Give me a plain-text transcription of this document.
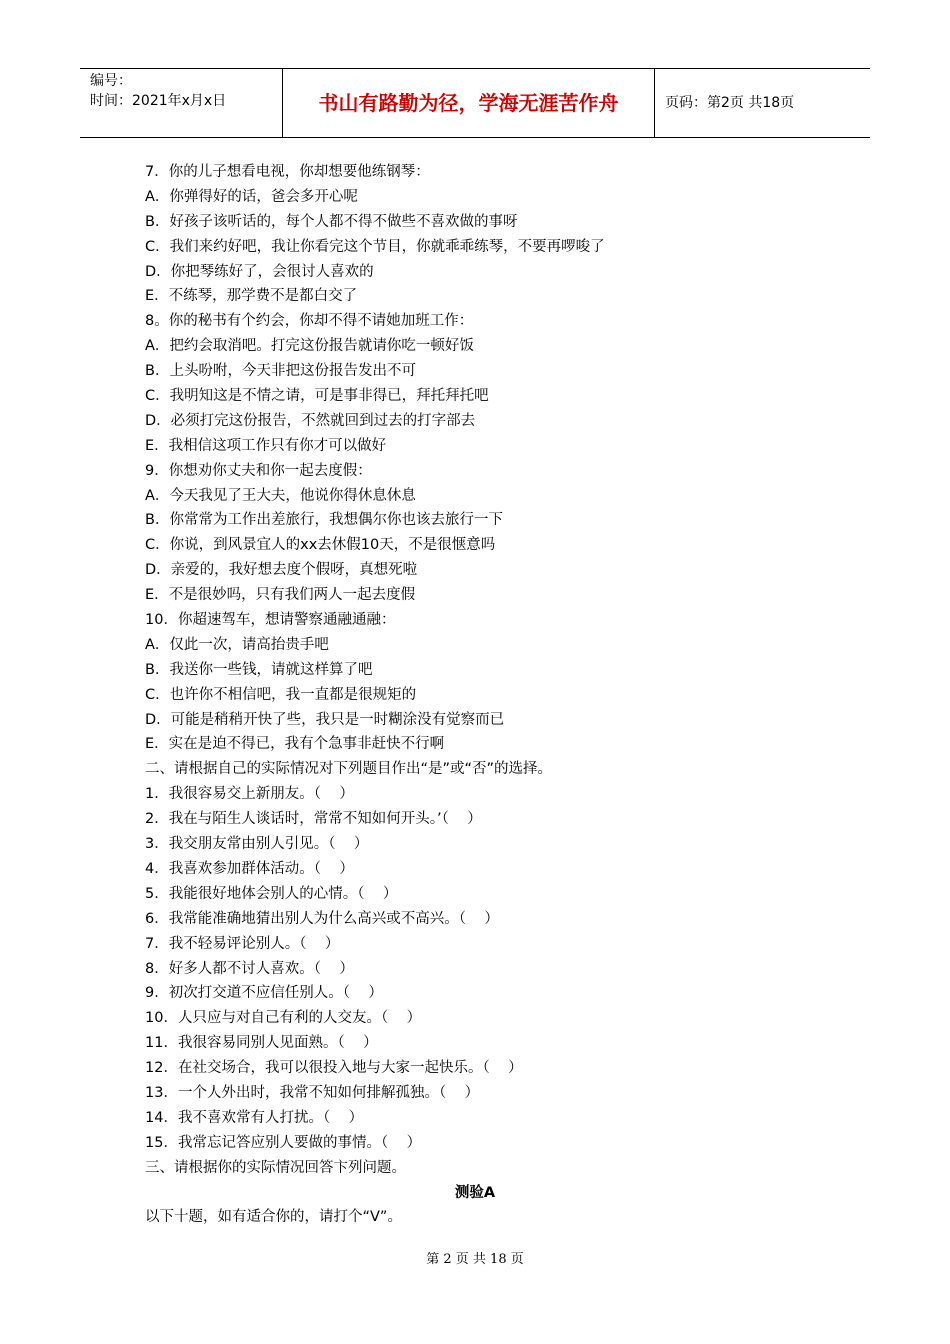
编号：
时间：2021年x月x日	书山有路勤为径，学海无涯苦作舟	页码：第2页 共18页
7．你的儿子想看电视，你却想要他练钢琴：
A．你弹得好的话，爸会多开心呢
B．好孩子该听话的，每个人都不得不做些不喜欢做的事呀
C．我们来约好吧，我让你看完这个节目，你就乖乖练琴，不要再啰唆了
D．你把琴练好了，会很讨人喜欢的
E．不练琴，那学费不是都白交了
8。你的秘书有个约会，你却不得不请她加班工作：
A．把约会取消吧。打完这份报告就请你吃一顿好饭
B．上头吩咐，今天非把这份报告发出不可
C．我明知这是不情之请，可是事非得已，拜托拜托吧
D．必须打完这份报告，不然就回到过去的打字部去
E．我相信这项工作只有你才可以做好
9．你想劝你丈夫和你一起去度假：
A．今天我见了王大夫，他说你得休息休息
B．你常常为工作出差旅行，我想偶尔你也该去旅行一下
C．你说，到风景宜人的xx去休假10天，不是很惬意吗
D．亲爱的，我好想去度个假呀，真想死啦
E．不是很妙吗，只有我们两人一起去度假
10．你超速驾车，想请警察通融通融：
A．仅此一次，请高抬贵手吧
B．我送你一些钱，请就这样算了吧
C．也许你不相信吧，我一直都是很规矩的
D．可能是稍稍开快了些，我只是一时糊涂没有觉察而已
E．实在是迫不得已，我有个急事非赶快不行啊
二、请根据自己的实际情况对下列题目作出“是”或“否”的选择。
1．我很容易交上新朋友。（    ）
2．我在与陌生人谈话时，常常不知如何开头。’（    ）
3．我交朋友常由别人引见。（    ）
4．我喜欢参加群体活动。（    ）
5．我能很好地体会别人的心情。（    ）
6．我常能准确地猜出别人为什么高兴或不高兴。（    ）
7．我不轻易评论别人。（    ）
8．好多人都不讨人喜欢。（    ）
9．初次打交道不应信任别人。（    ）
10．人只应与对自己有利的人交友。（    ）
11．我很容易同别人见面熟。（    ）
12．在社交场合，我可以很投入地与大家一起快乐。（    ）
13．一个人外出时，我常不知如何排解孤独。（    ）
14．我不喜欢常有人打扰。（    ）
15．我常忘记答应别人要做的事情。（    ）
三、请根据你的实际情况回答卞列问题。
测验A
以下十题，如有适合你的，请打个“V”。
第 2 页 共 18 页
